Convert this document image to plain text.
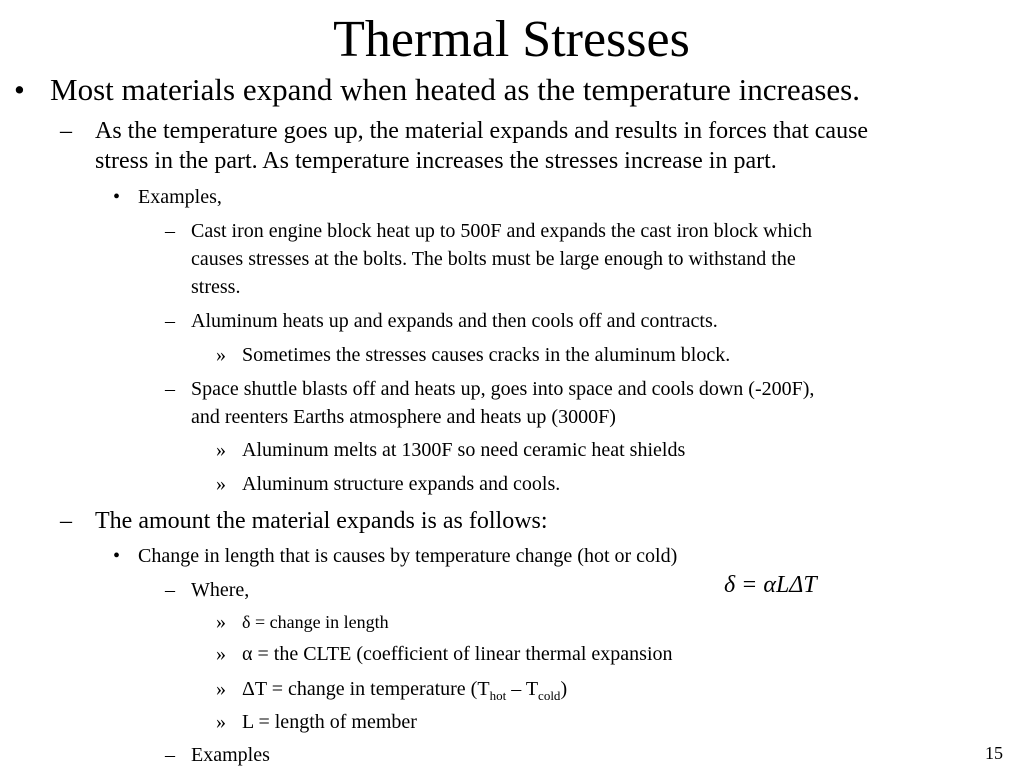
Thermal Stresses
• Most materials expand when heated as the temperature increases.
– As the temperature goes up, the material expands and results in forces that cause
stress in the part. As temperature increases the stresses increase in part.
• Examples,
– Cast iron engine block heat up to 500F and expands the cast iron block which
causes stresses at the bolts. The bolts must be large enough to withstand the
stress.
– Aluminum heats up and expands and then cools off and contracts.
» Sometimes the stresses causes cracks in the aluminum block.
– Space shuttle blasts off and heats up, goes into space and cools down (-200F),
and reenters Earths atmosphere and heats up (3000F)
» Aluminum melts at 1300F so need ceramic heat shields
» Aluminum structure expands and cools.
– The amount the material expands is as follows:
• Change in length that is causes by temperature change (hot or cold)
– Where,
» δ = change in length
» α = the CLTE (coefficient of linear thermal expansion
» ΔT = change in temperature $(T_{hot} - T_{cold})$
» L = length of member
– Examples
δ = αLΔT
15
